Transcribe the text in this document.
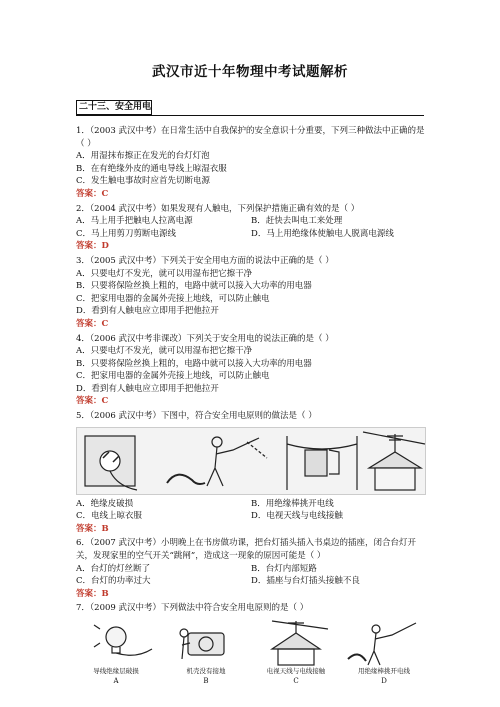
武汉市近十年物理中考试题解析
二十三、安全用电

1．（2003 武汉中考）在日常生活中自我保护的安全意识十分重要，下列三种做法中正确的是（ ）

A．用湿抹布擦正在发光的台灯灯泡

B．在有绝缘外皮的通电导线上晾湿衣服

C．发生触电事故时应首先切断电源

答案：C

2．（2004 武汉中考）如果发现有人触电，下列保护措施正确有效的是（ ）

A．马上用手把触电人拉离电源	B．赶快去叫电工来处理
C．马上用剪刀剪断电源线	D．马上用绝缘体使触电人脱离电源线

答案：D

3．（2005 武汉中考）下列关于安全用电方面的说法中正确的是（ ）

A．只要电灯不发光，就可以用湿布把它擦干净

B．只要将保险丝换上粗的，电路中就可以接入大功率的用电器

C．把家用电器的金属外壳接上地线，可以防止触电

D．看到有人触电应立即用手把他拉开

答案：C

4．（2006 武汉中考非课改）下列关于安全用电的说法正确的是（ ）

A．只要电灯不发光，就可以用湿布把它擦干净

B．只要将保险丝换上粗的，电路中就可以接入大功率的用电器

C．把家用电器的金属外壳接上地线，可以防止触电

D．看到有人触电应立即用手把他拉开

答案：C

5．（2006 武汉中考）下图中，符合安全用电原则的做法是（ ）

A．绝缘皮破损	B．用绝缘棒挑开电线
C．电线上晾衣服	D．电视天线与电线接触

答案：B

6．（2007 武汉中考）小明晚上在书房做功课，把台灯插头插入书桌边的插座，闭合台灯开关，发现家里的空气开关“跳闸”，造成这一现象的原因可能是（ ）

A．台灯的灯丝断了	B．台灯内部短路
C．台灯的功率过大	D．插座与台灯插头接触不良

答案：B

7．（2009 武汉中考）下列做法中符合安全用电原则的是（ ）

导线绝缘层破损	机壳没有接地	电视天线与电线接触	用绝缘棒挑开电线
A	B	C	D
